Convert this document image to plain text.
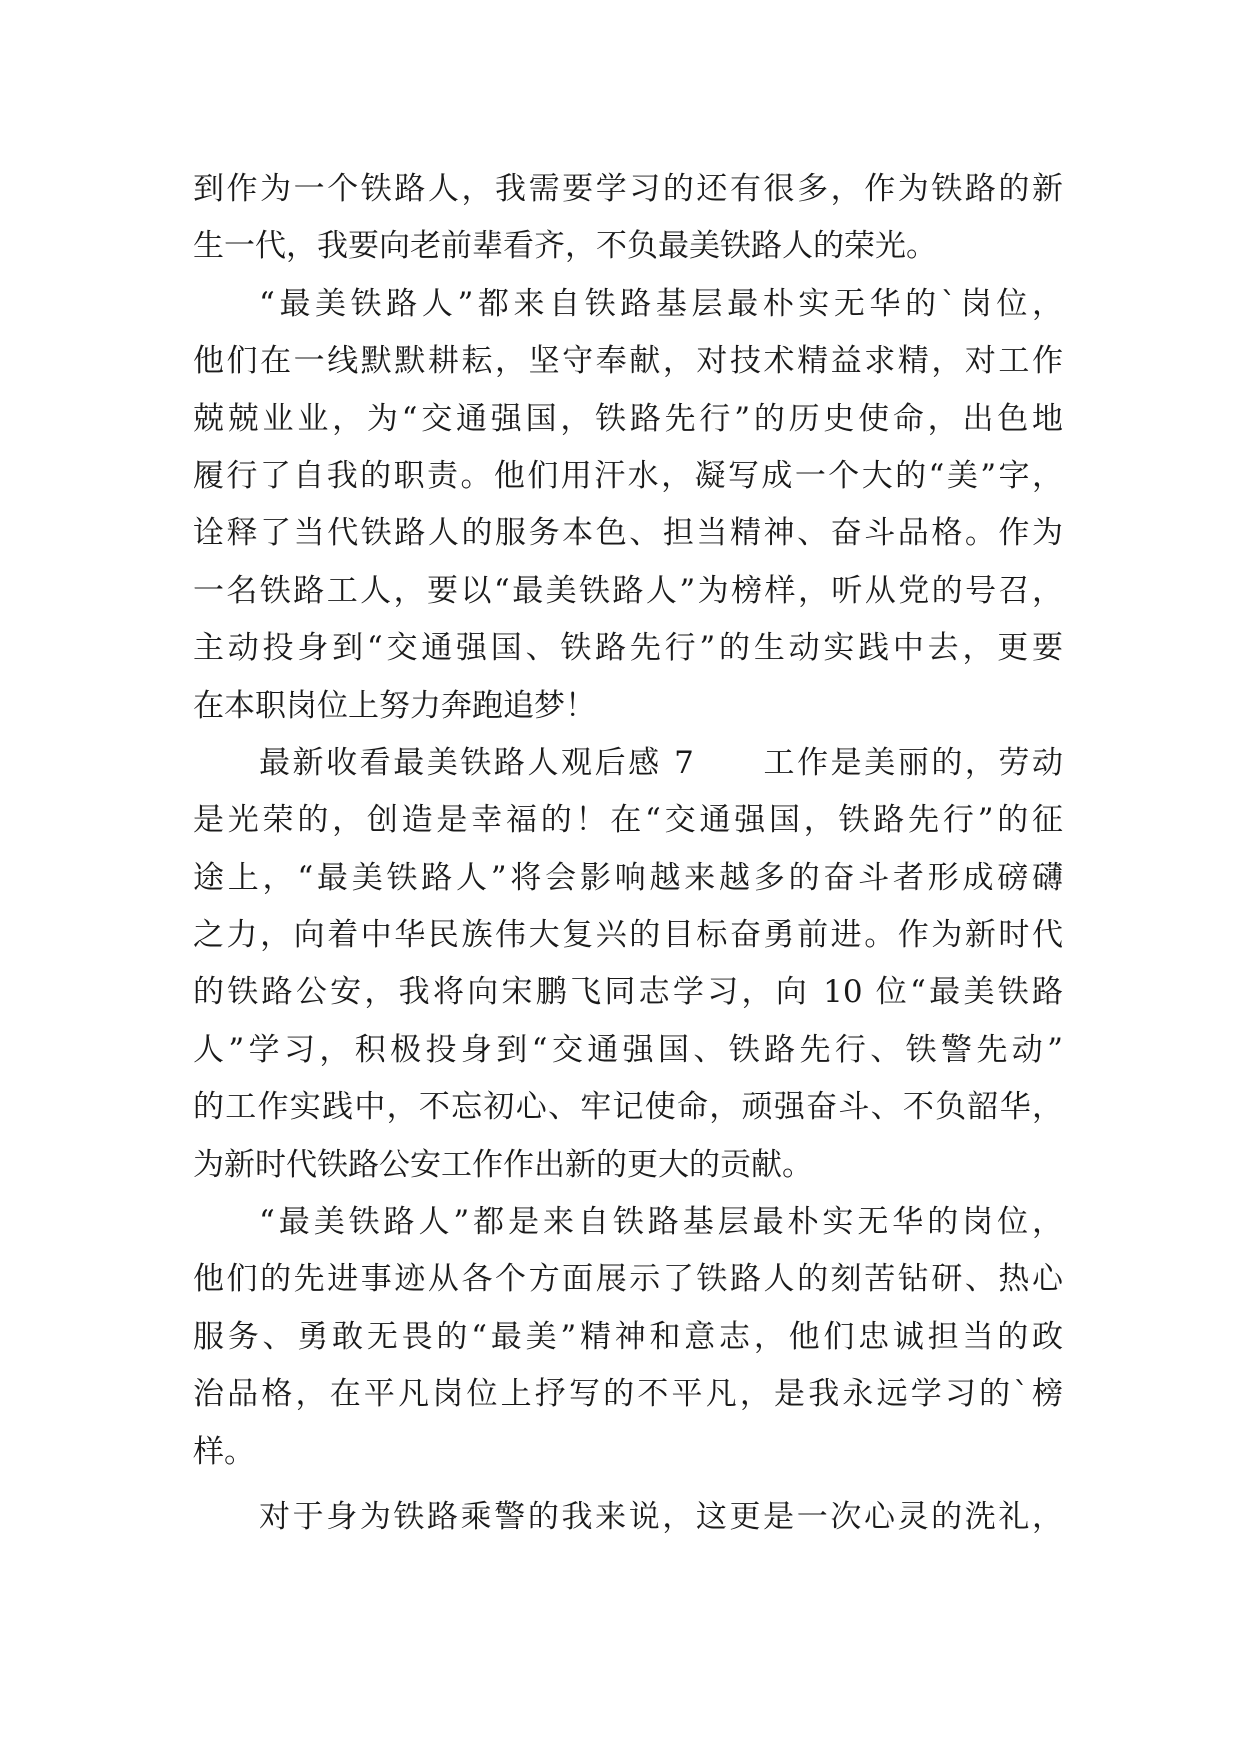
到作为一个铁路人，我需要学习的还有很多，作为铁路的新
生一代，我要向老前辈看齐，不负最美铁路人的荣光。
“最美铁路人”都来自铁路基层最朴实无华的`岗位，
他们在一线默默耕耘，坚守奉献，对技术精益求精，对工作
兢兢业业，为“交通强国，铁路先行”的历史使命，出色地
履行了自我的职责。他们用汗水，凝写成一个大的“美”字，
诠释了当代铁路人的服务本色、担当精神、奋斗品格。作为
一名铁路工人，要以“最美铁路人”为榜样，听从党的号召，
主动投身到“交通强国、铁路先行”的生动实践中去，更要
在本职岗位上努力奔跑追梦！
最新收看最美铁路人观后感 7　　工作是美丽的，劳动
是光荣的，创造是幸福的！在“交通强国，铁路先行”的征
途上，“最美铁路人”将会影响越来越多的奋斗者形成磅礴
之力，向着中华民族伟大复兴的目标奋勇前进。作为新时代
的铁路公安，我将向宋鹏飞同志学习，向 10 位“最美铁路
人”学习，积极投身到“交通强国、铁路先行、铁警先动”
的工作实践中，不忘初心、牢记使命，顽强奋斗、不负韶华，
为新时代铁路公安工作作出新的更大的贡献。
“最美铁路人”都是来自铁路基层最朴实无华的岗位，
他们的先进事迹从各个方面展示了铁路人的刻苦钻研、热心
服务、勇敢无畏的“最美”精神和意志，他们忠诚担当的政
治品格，在平凡岗位上抒写的不平凡，是我永远学习的`榜
样。
对于身为铁路乘警的我来说，这更是一次心灵的洗礼，
